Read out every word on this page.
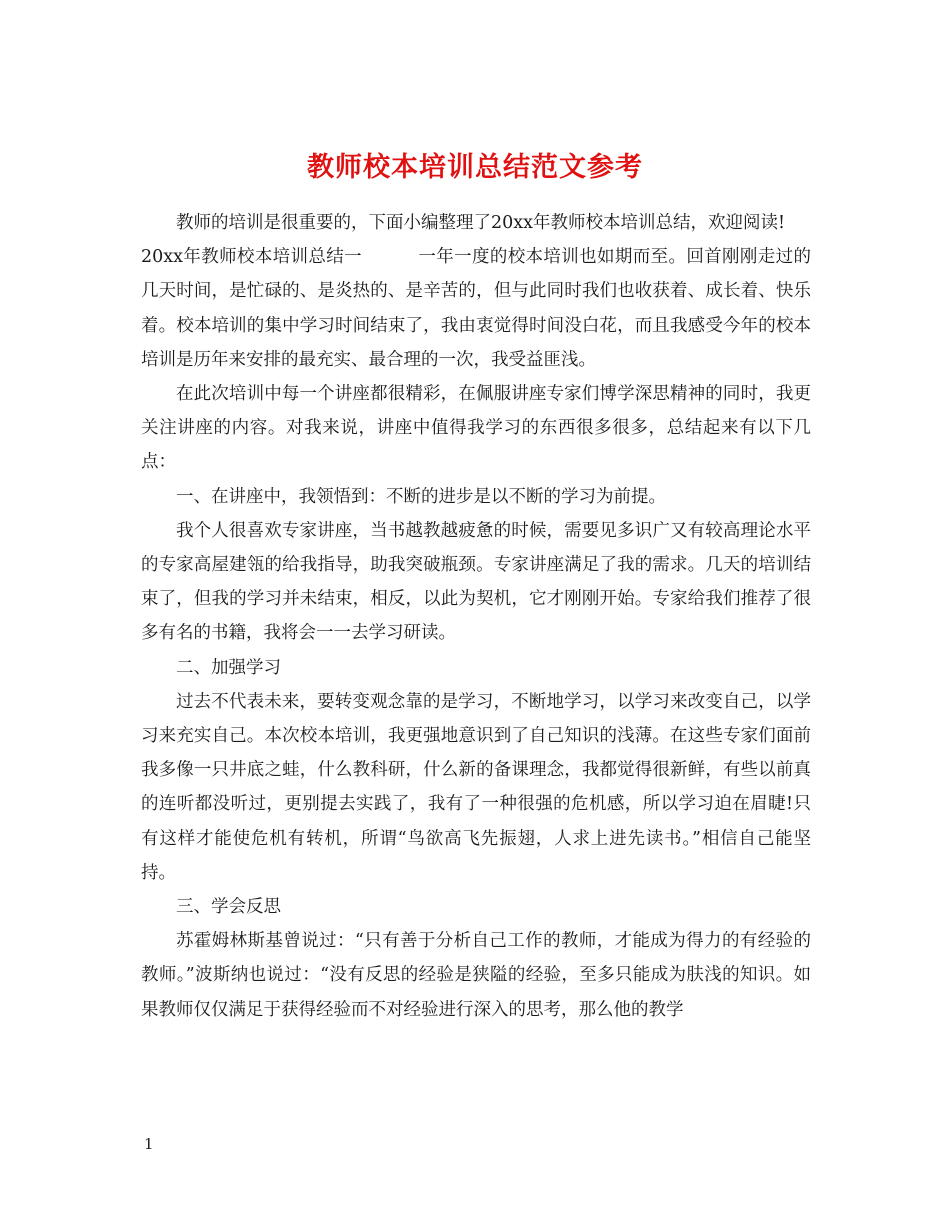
教师校本培训总结范文参考

教师的培训是很重要的，下面小编整理了20xx年教师校本培训总结，欢迎阅读!

20xx年教师校本培训总结一	一年一度的校本培训也如期而至。回首刚刚走过的几天时间，是忙碌的、是炎热的、是辛苦的，但与此同时我们也收获着、成长着、快乐着。校本培训的集中学习时间结束了，我由衷觉得时间没白花，而且我感受今年的校本培训是历年来安排的最充实、最合理的一次，我受益匪浅。

在此次培训中每一个讲座都很精彩，在佩服讲座专家们博学深思精神的同时，我更关注讲座的内容。对我来说，讲座中值得我学习的东西很多很多，总结起来有以下几点：

一、在讲座中，我领悟到：不断的进步是以不断的学习为前提。

我个人很喜欢专家讲座，当书越教越疲惫的时候，需要见多识广又有较高理论水平的专家高屋建瓴的给我指导，助我突破瓶颈。专家讲座满足了我的需求。几天的培训结束了，但我的学习并未结束，相反，以此为契机，它才刚刚开始。专家给我们推荐了很多有名的书籍，我将会一一去学习研读。

二、加强学习

过去不代表未来，要转变观念靠的是学习，不断地学习，以学习来改变自己，以学习来充实自己。本次校本培训，我更强地意识到了自己知识的浅薄。在这些专家们面前我多像一只井底之蛙，什么教科研，什么新的备课理念，我都觉得很新鲜，有些以前真的连听都没听过，更别提去实践了，我有了一种很强的危机感，所以学习迫在眉睫!只有这样才能使危机有转机，所谓“鸟欲高飞先振翅，人求上进先读书。”相信自己能坚持。

三、学会反思

苏霍姆林斯基曾说过：“只有善于分析自己工作的教师，才能成为得力的有经验的教师。”波斯纳也说过：“没有反思的经验是狭隘的经验，至多只能成为肤浅的知识。如果教师仅仅满足于获得经验而不对经验进行深入的思考，那么他的教学

1
